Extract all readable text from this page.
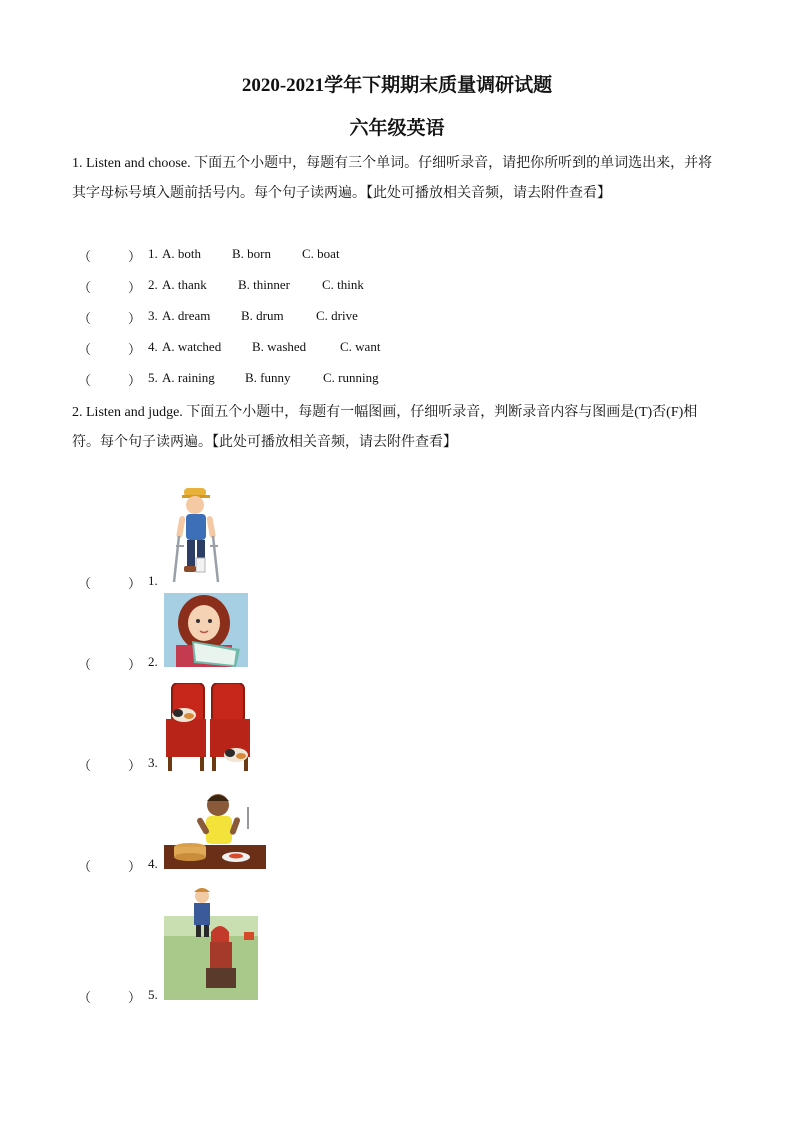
2020-2021学年下期期末质量调研试题
六年级英语
1. Listen and choose. 下面五个小题中，每题有三个单词。仔细听录音，请把你所听到的单词选出来，并将
其字母标号填入题前括号内。每个句子读两遍。【此处可播放相关音频，请去附件查看】
（	） 1. A. both B. born C. boat
（	） 2. A. thank B. thinner C. think
（	） 3. A. dream B. drum C. drive
（	） 4. A. watched B. washed	C. want
（	） 5. A. raining B. funny	C. running
2. Listen and judge. 下面五个小题中，每题有一幅图画，仔细听录音，判断录音内容与图画是(T)否(F)相
符。每个句子读两遍。【此处可播放相关音频，请去附件查看】
（	） 1.
（	） 2.
（	） 3.
（	） 4.
（	） 5.
